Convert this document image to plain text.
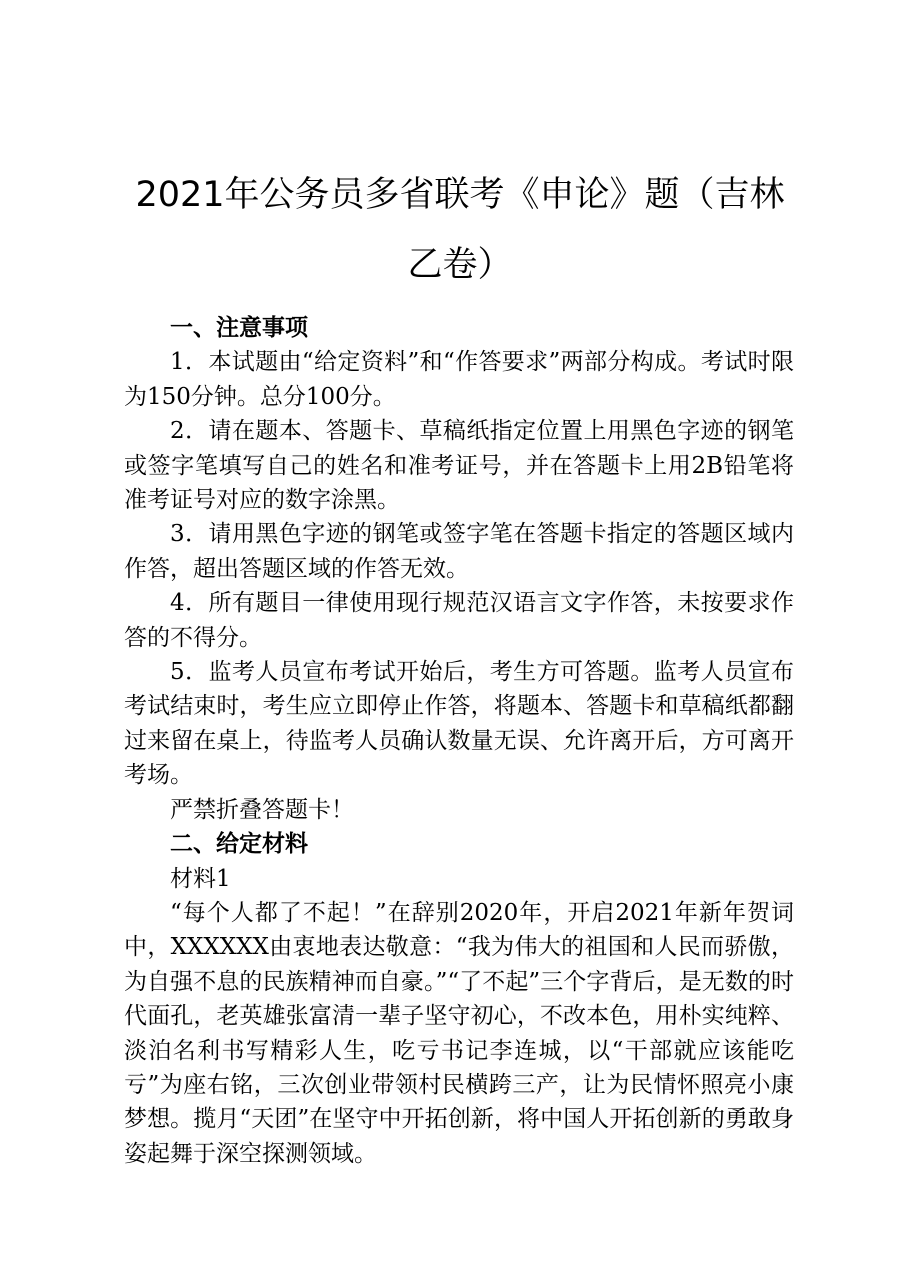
2021年公务员多省联考《申论》题（吉林乙卷）

一、注意事项

1．本试题由“给定资料”和“作答要求”两部分构成。考试时限为150分钟。总分100分。

2．请在题本、答题卡、草稿纸指定位置上用黑色字迹的钢笔或签字笔填写自己的姓名和准考证号，并在答题卡上用2B铅笔将准考证号对应的数字涂黑。

3．请用黑色字迹的钢笔或签字笔在答题卡指定的答题区域内作答，超出答题区域的作答无效。

4．所有题目一律使用现行规范汉语言文字作答，未按要求作答的不得分。

5．监考人员宣布考试开始后，考生方可答题。监考人员宣布考试结束时，考生应立即停止作答，将题本、答题卡和草稿纸都翻过来留在桌上，待监考人员确认数量无误、允许离开后，方可离开考场。

严禁折叠答题卡！

二、给定材料

材料1

“每个人都了不起！”在辞别2020年，开启2021年新年贺词中，XXXXXX由衷地表达敬意：“我为伟大的祖国和人民而骄傲，为自强不息的民族精神而自豪。”“了不起”三个字背后，是无数的时代面孔，老英雄张富清一辈子坚守初心，不改本色，用朴实纯粹、淡泊名利书写精彩人生，吃亏书记李连城，以“干部就应该能吃亏”为座右铭，三次创业带领村民横跨三产，让为民情怀照亮小康梦想。揽月“天团”在坚守中开拓创新，将中国人开拓创新的勇敢身姿起舞于深空探测领域。
